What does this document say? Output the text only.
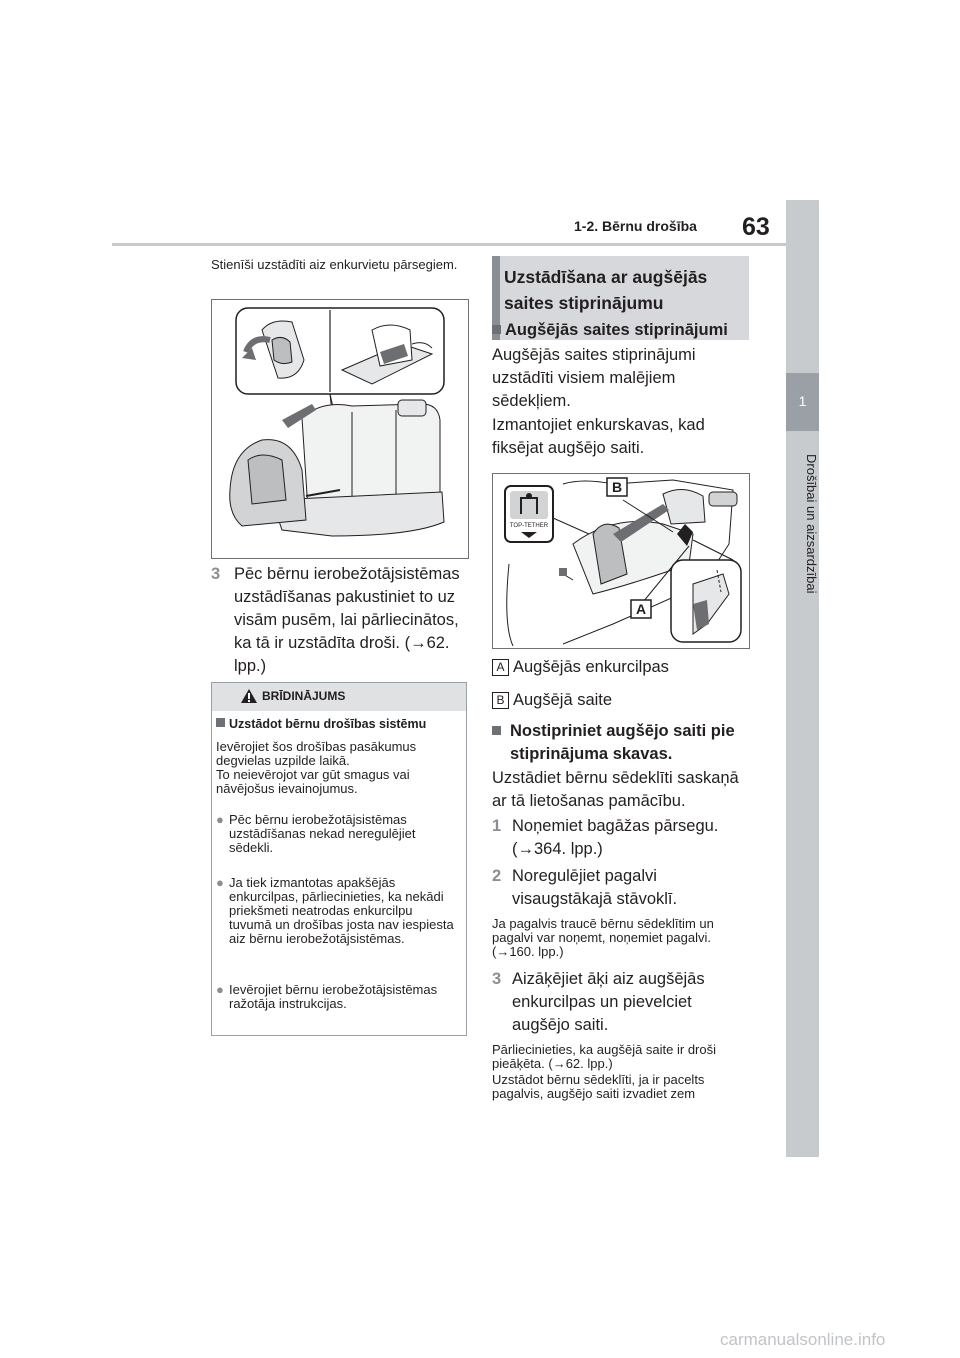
1-2. Bērnu drošība 63
1
Drošībai un aizsardzībai
Stienīši uzstādīti aiz enkurvietu pārsegiem.
3 Pēc bērnu ierobežotājsistēmas uzstādīšanas pakustiniet to uz visām pusēm, lai pārliecinātos, ka tā ir uzstādīta droši. (→62. lpp.)
BRĪDINĀJUMS
Uzstādot bērnu drošības sistēmu
Ievērojiet šos drošības pasākumus degvielas uzpilde laikā.
To neievērojot var gūt smagus vai nāvējošus ievainojumus.
● Pēc bērnu ierobežotājsistēmas uzstādīšanas nekad neregulējiet sēdekli.
● Ja tiek izmantotas apakšējās enkurcilpas, pārliecinieties, ka nekādi priekšmeti neatrodas enkurcilpu tuvumā un drošības josta nav iespiesta aiz bērnu ierobežotājsistēmas.
● Ievērojiet bērnu ierobežotājsistēmas ražotāja instrukcijas.
Uzstādīšana ar augšējās saites stiprinājumu
Augšējās saites stiprinājumi
Augšējās saites stiprinājumi uzstādīti visiem malējiem sēdekļiem.
Izmantojiet enkurskavas, kad fiksējat augšējo saiti.
TOP-TETHER
B
A
A Augšējās enkurcilpas
B Augšējā saite
Nostipriniet augšējo saiti pie stiprinājuma skavas.
Uzstādiet bērnu sēdeklīti saskaņā ar tā lietošanas pamācību.
1 Noņemiet bagāžas pārsegu. (→364. lpp.)
2 Noregulējiet pagalvi visaugstākajā stāvoklī.
Ja pagalvis traucē bērnu sēdeklītim un pagalvi var noņemt, noņemiet pagalvi. (→160. lpp.)
3 Aizāķējiet āķi aiz augšējās enkurcilpas un pievelciet augšējo saiti.
Pārliecinieties, ka augšējā saite ir droši pieāķēta. (→62. lpp.)
Uzstādot bērnu sēdeklīti, ja ir pacelts pagalvis, augšējo saiti izvadiet zem
carmanualsonline.info
